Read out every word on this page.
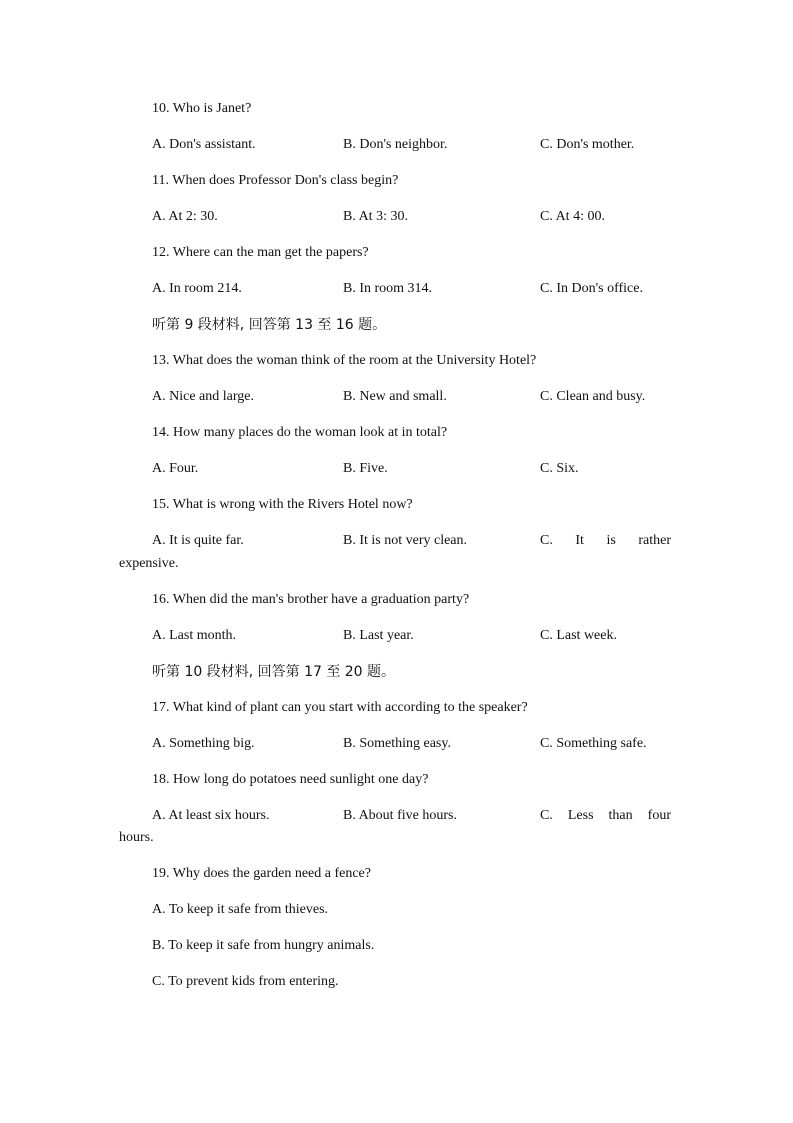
10. Who is Janet?
A. Don's assistant.	B. Don's neighbor.	C. Don's mother.
11. When does Professor Don's class begin?
A. At 2: 30.	B. At 3: 30.	C. At 4: 00.
12. Where can the man get the papers?
A. In room 214.	B. In room 314.	C. In Don's office.
听第 9 段材料, 回答第 13 至 16 题。
13. What does the woman think of the room at the University Hotel?
A. Nice and large.	B. New and small.	C. Clean and busy.
14. How many places do the woman look at in total?
A. Four.	B. Five.	C. Six.
15. What is wrong with the Rivers Hotel now?
A. It is quite far.	B. It is not very clean.	C. It is rather
expensive.
16. When did the man's brother have a graduation party?
A. Last month.	B. Last year.	C. Last week.
听第 10 段材料, 回答第 17 至 20 题。
17. What kind of plant can you start with according to the speaker?
A. Something big.	B. Something easy.	C. Something safe.
18. How long do potatoes need sunlight one day?
A. At least six hours.	B. About five hours.	C. Less than four
hours.
19. Why does the garden need a fence?
A. To keep it safe from thieves.
B. To keep it safe from hungry animals.
C. To prevent kids from entering.
